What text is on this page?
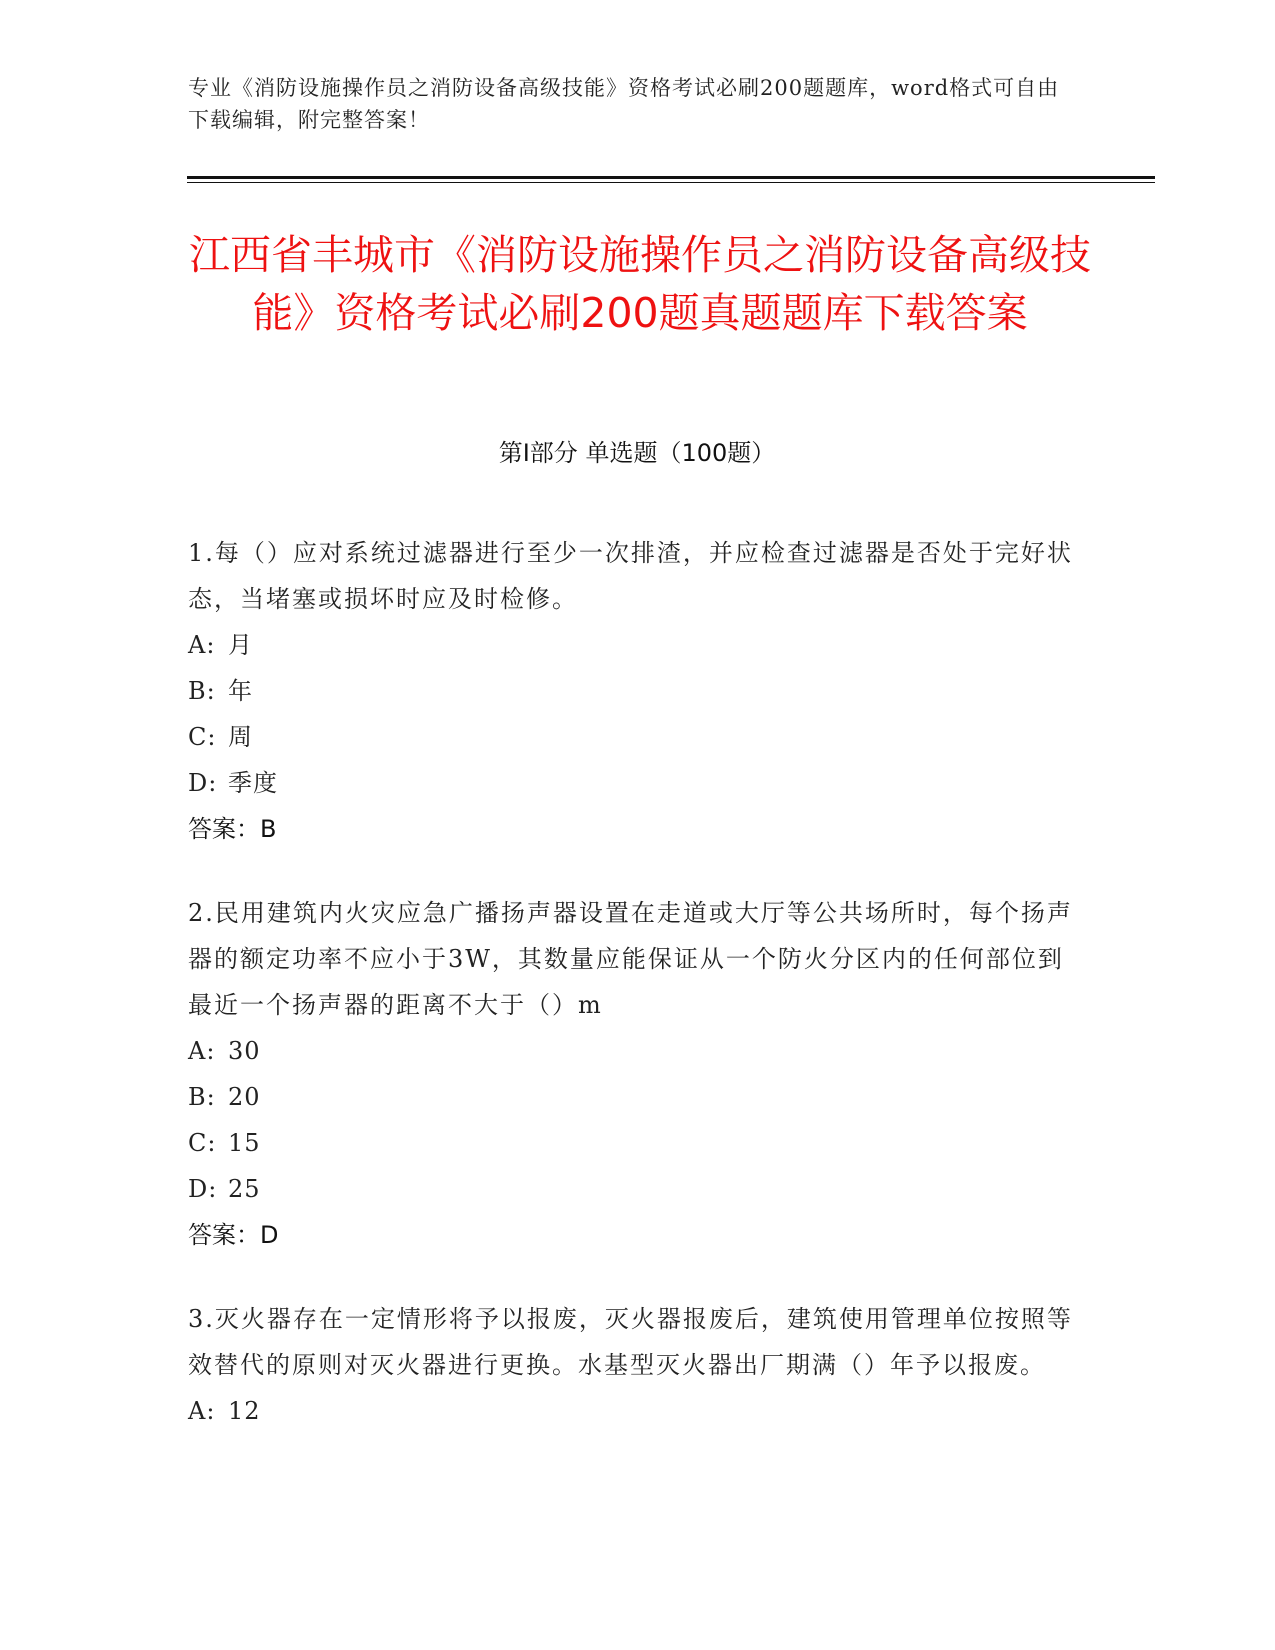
专业《消防设施操作员之消防设备高级技能》资格考试必刷200题题库，word格式可自由下载编辑，附完整答案！
江西省丰城市《消防设施操作员之消防设备高级技能》资格考试必刷200题真题题库下载答案
第I部分 单选题（100题）

1.每（）应对系统过滤器进行至少一次排渣，并应检查过滤器是否处于完好状态，当堵塞或损坏时应及时检修。

A: 月
B: 年
C: 周
D: 季度
答案：B

2.民用建筑内火灾应急广播扬声器设置在走道或大厅等公共场所时，每个扬声器的额定功率不应小于3W，其数量应能保证从一个防火分区内的任何部位到最近一个扬声器的距离不大于（）m

A: 30
B: 20
C: 15
D: 25
答案：D

3.灭火器存在一定情形将予以报废，灭火器报废后，建筑使用管理单位按照等效替代的原则对灭火器进行更换。水基型灭火器出厂期满（）年予以报废。

A: 12
